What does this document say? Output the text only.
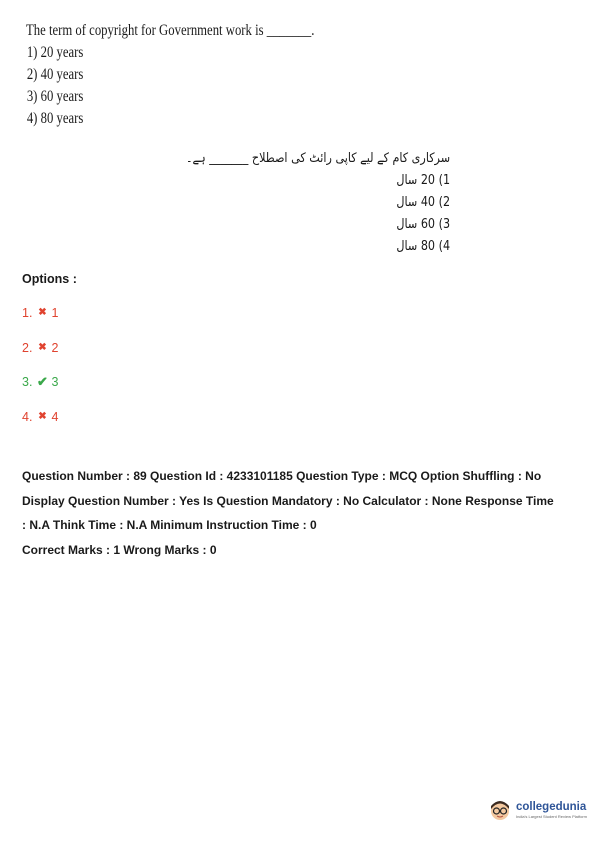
The term of copyright for Government work is _______.
1) 20 years
2) 40 years
3) 60 years
4) 80 years
سرکاری کام کے لیے کاپی رائٹ کی اصطلاح _______ ہے۔
1) 20 سال
2) 40 سال
3) 60 سال
4) 80 سال
Options :
1. ✖ 1
2. ✖ 2
3. ✔ 3
4. ✖ 4
Question Number : 89 Question Id : 4233101185 Question Type : MCQ Option Shuffling : No
Display Question Number : Yes Is Question Mandatory : No Calculator : None Response Time
: N.A Think Time : N.A Minimum Instruction Time : 0
Correct Marks : 1 Wrong Marks : 0
collegedunia
India's Largest Student Review Platform
